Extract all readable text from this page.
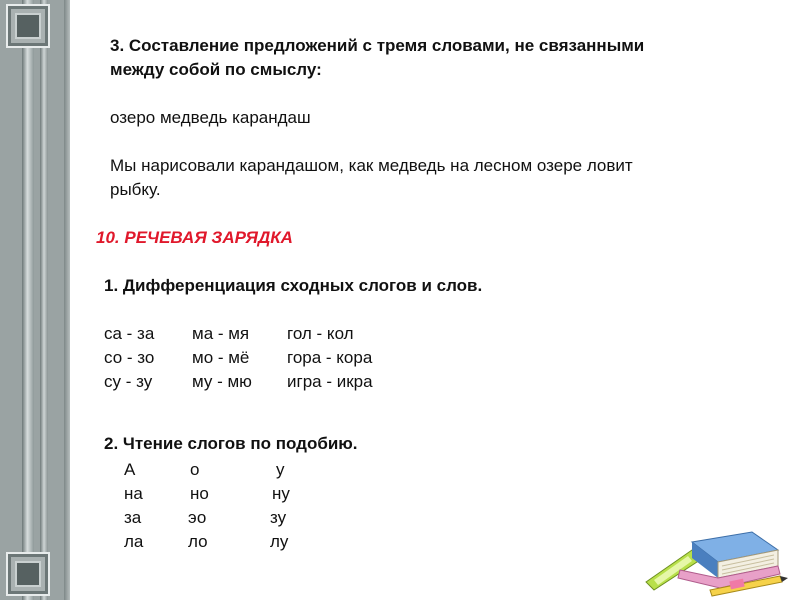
3. Составление предложений с тремя словами, не связанными
между собой по смыслу:
озеро медведь карандаш
Мы нарисовали карандашом, как медведь на лесном озере ловит
рыбку.
10. РЕЧЕВАЯ ЗАРЯДКА
1. Дифференциация сходных слогов и слов.
са - за ма - мя гол - кол
со - зо мо - мё гора - кора
су - зу му - мю игра - икра
2. Чтение слогов по подобию.
А	о	у
на	но	ну
за	эо	зу
ла	ло	лу
